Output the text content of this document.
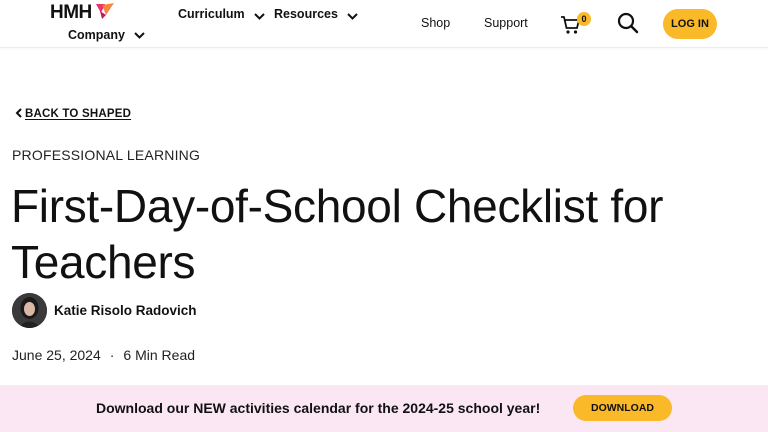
HMH
Company
Curriculum Resources
Shop	Support	0	LOG IN
BACK TO SHAPED
PROFESSIONAL LEARNING
First-Day-of-School Checklist for Teachers
Katie Risolo Radovich
June 25, 2024 · 6 Min Read
Download our NEW activities calendar for the 2024-25 school year!	DOWNLOAD
